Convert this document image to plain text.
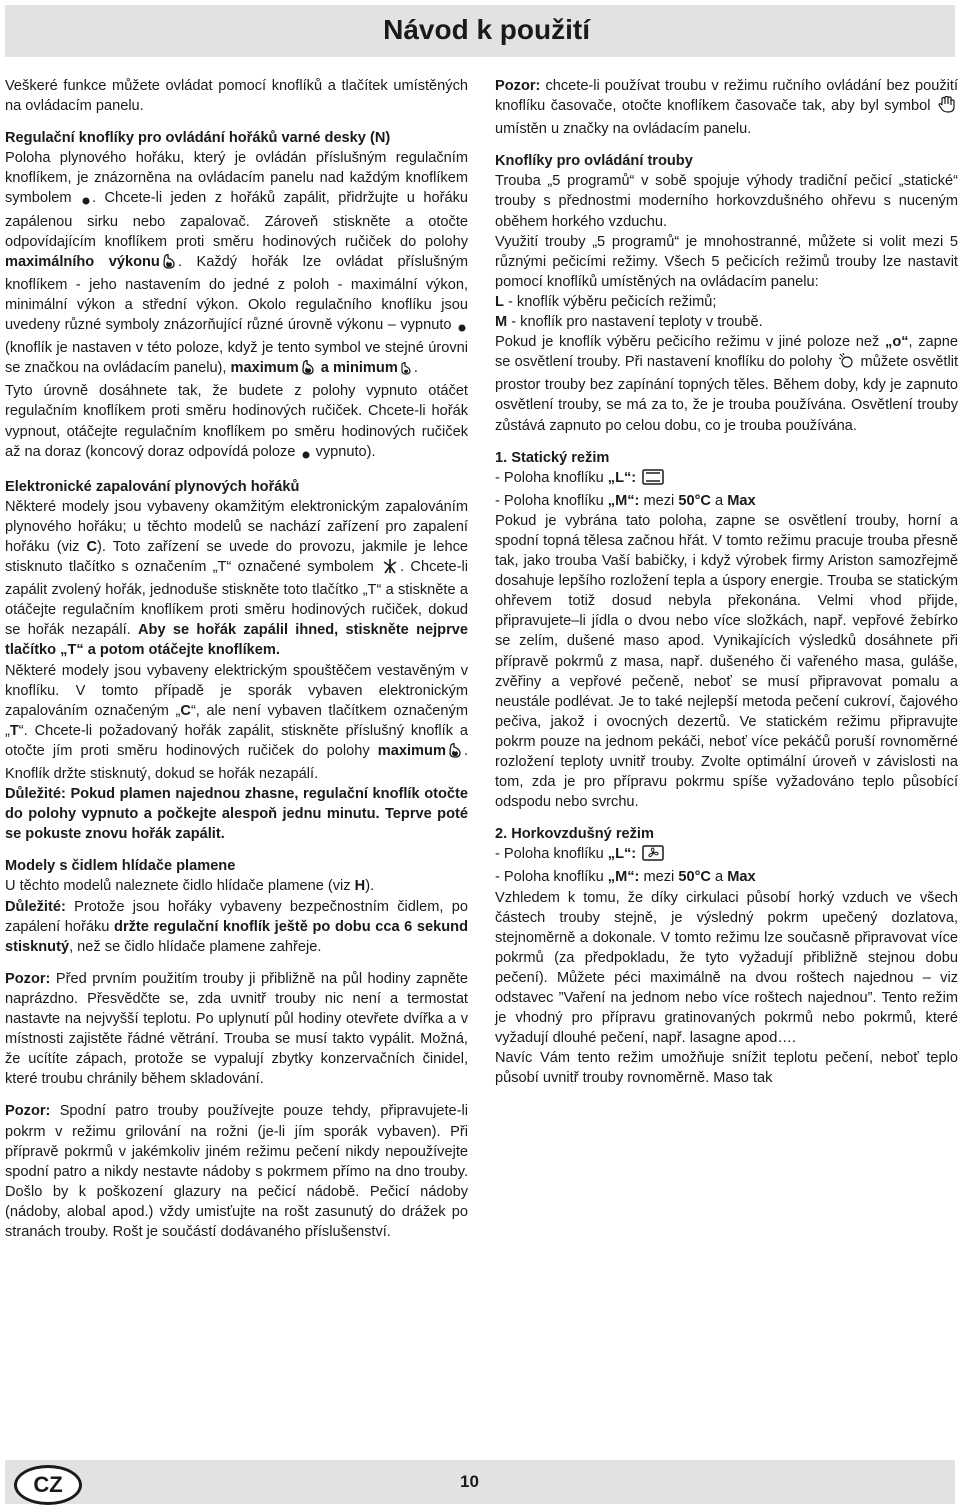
Návod k použití

Veškeré funkce můžete ovládat pomocí knoflíků a tlačítek umístěných na ovládacím panelu.

Regulační knoflíky pro ovládání hořáků varné desky (N)

Poloha plynového hořáku, který je ovládán příslušným regulačním knoflíkem, je znázorněna na ovládacím panelu nad každým knoflíkem symbolem . Chcete-li jeden z hořáků zapálit, přidržujte u hořáku zapálenou sirku nebo zapalovač. Zároveň stiskněte a otočte odpovídajícím knoflíkem proti směru hodinových ručiček do polohy maximálního výkonu . Každý hořák lze ovládat příslušným knoflíkem - jeho nastavením do jedné z poloh - maximální výkon, minimální výkon a střední výkon. Okolo regulačního knoflíku jsou uvedeny různé symboly znázorňující různé úrovně výkonu – vypnuto (knoflík je nastaven v této poloze, když je tento symbol ve stejné úrovni se značkou na ovládacím panelu), maximum a minimum .

Tyto úrovně dosáhnete tak, že budete z polohy vypnuto otáčet regulačním knoflíkem proti směru hodinových ručiček. Chcete-li hořák vypnout, otáčejte regulačním knoflíkem po směru hodinových ručiček až na doraz (koncový doraz odpovídá poloze vypnuto).

Elektronické zapalování plynových hořáků

Některé modely jsou vybaveny okamžitým elektronickým zapalováním plynového hořáku; u těchto modelů se nachází zařízení pro zapalení hořáku (viz C). Toto zařízení se uvede do provozu, jakmile je lehce stisknuto tlačítko s označením „T“ označené symbolem . Chcete-li zapálit zvolený hořák, jednoduše stiskněte toto tlačítko „T“ a stiskněte a otáčejte regulačním knoflíkem proti směru hodinových ručiček, dokud se hořák nezapálí. Aby se hořák zapálil ihned, stiskněte nejprve tlačítko „T“ a potom otáčejte knoflíkem.

Některé modely jsou vybaveny elektrickým spouštěčem vestavěným v knoflíku. V tomto případě je sporák vybaven elektronickým zapalováním označeným „C“, ale není vybaven tlačítkem označeným „T“. Chcete-li požadovaný hořák zapálit, stiskněte příslušný knoflík a otočte jím proti směru hodinových ručiček do polohy maximum . Knoflík držte stisknutý, dokud se hořák nezapálí.

Důležité: Pokud plamen najednou zhasne, regulační knoflík otočte do polohy vypnuto a počkejte alespoň jednu minutu. Teprve poté se pokuste znovu hořák zapálit.

Modely s čidlem hlídače plamene

U těchto modelů naleznete čidlo hlídače plamene (viz H).

Důležité: Protože jsou hořáky vybaveny bezpečnostním čidlem, po zapálení hořáku držte regulační knoflík ještě po dobu cca 6 sekund stisknutý, než se čidlo hlídače plamene zahřeje.

Pozor: Před prvním použitím trouby ji přibližně na půl hodiny zapněte naprázdno. Přesvědčte se, zda uvnitř trouby nic není a termostat nastavte na nejvyšší teplotu. Po uplynutí půl hodiny otevřete dvířka a v místnosti zajistěte řádné větrání. Trouba se musí takto vypálit. Možná, že ucítíte zápach, protože se vypalují zbytky konzervačních činidel, které troubu chránily během skladování.

Pozor: Spodní patro trouby používejte pouze tehdy, připravujete-li pokrm v režimu grilování na rožni (je-li jím sporák vybaven). Při přípravě pokrmů v jakémkoliv jiném režimu pečení nikdy nepoužívejte spodní patro a nikdy nestavte nádoby s pokrmem přímo na dno trouby. Došlo by k poškození glazury na pečicí nádobě. Pečicí nádoby (nádoby, alobal apod.) vždy umisťujte na rošt zasunutý do drážek po stranách trouby. Rošt je součástí dodávaného příslušenství.

Pozor: chcete-li používat troubu v režimu ručního ovládání bez použití knoflíku časovače, otočte knoflíkem časovače tak, aby byl symbol  umístěn u značky na ovládacím panelu.

Knoflíky pro ovládání trouby

Trouba „5 programů“ v sobě spojuje výhody tradiční pečicí „statické“ trouby s přednostmi moderního horkovzdušného ohřevu s nuceným oběhem horkého vzduchu.

Využití trouby „5 programů“ je mnohostranné, můžete si volit mezi 5 různými pečicími režimy. Všech 5 pečicích režimů trouby lze nastavit pomocí knoflíků umístěných na ovládacím panelu:
L - knoflík výběru pečicích režimů;
M - knoflík pro nastavení teploty v troubě.

Pokud je knoflík výběru pečicího režimu v jiné poloze než „o“, zapne se osvětlení trouby. Při nastavení knoflíku do polohy můžete osvětlit prostor trouby bez zapínání topných těles. Během doby, kdy je zapnuto osvětlení trouby, se má za to, že je trouba používána. Osvětlení trouby zůstává zapnuto po celou dobu, co je trouba používána.

1. Statický režim
- Poloha knoflíku „L“:
- Poloha knoflíku „M“: mezi 50°C a Max

Pokud je vybrána tato poloha, zapne se osvětlení trouby, horní a spodní topná tělesa začnou hřát. V tomto režimu pracuje trouba přesně tak, jako trouba Vaší babičky, i když výrobek firmy Ariston samozřejmě dosahuje lepšího rozložení tepla a úspory energie. Trouba se statickým ohřevem totiž dosud nebyla překonána. Velmi vhod přijde, připravujete–li jídla o dvou nebo více složkách, např. vepřové žebírko se zelím, dušené maso apod. Vynikajících výsledků dosáhnete při přípravě pokrmů z masa, např. dušeného či vařeného masa, guláše, zvěřiny a vepřové pečeně, neboť se musí připravovat pomalu a neustále podlévat. Je to také nejlepší metoda pečení cukroví, čajového pečiva, jakož i ovocných dezertů. Ve statickém režimu připravujte pokrm pouze na jednom pekáči, neboť více pekáčů poruší rovnoměrné rozložení teploty uvnitř trouby. Zvolte optimální úroveň v závislosti na tom, zda je pro přípravu pokrmu spíše vyžadováno teplo působící odspodu nebo svrchu.

2. Horkovzdušný režim
- Poloha knoflíku „L“:
- Poloha knoflíku „M“: mezi 50°C a Max

Vzhledem k tomu, že díky cirkulaci působí horký vzduch ve všech částech trouby stejně, je výsledný pokrm upečený dozlatova, stejnoměrně a dokonale. V tomto režimu lze současně připravovat více pokrmů (za předpokladu, že tyto vyžadují přibližně stejnou dobu pečení). Můžete péci maximálně na dvou roštech najednou – viz odstavec ”Vaření na jednom nebo více roštech najednou”. Tento režim je vhodný pro přípravu gratinovaných pokrmů nebo pokrmů, které vyžadují dlouhé pečení, např. lasagne apod….

Navíc Vám tento režim umožňuje snížit teplotu pečení, neboť teplo působí uvnitř trouby rovnoměrně. Maso tak

CZ	10
